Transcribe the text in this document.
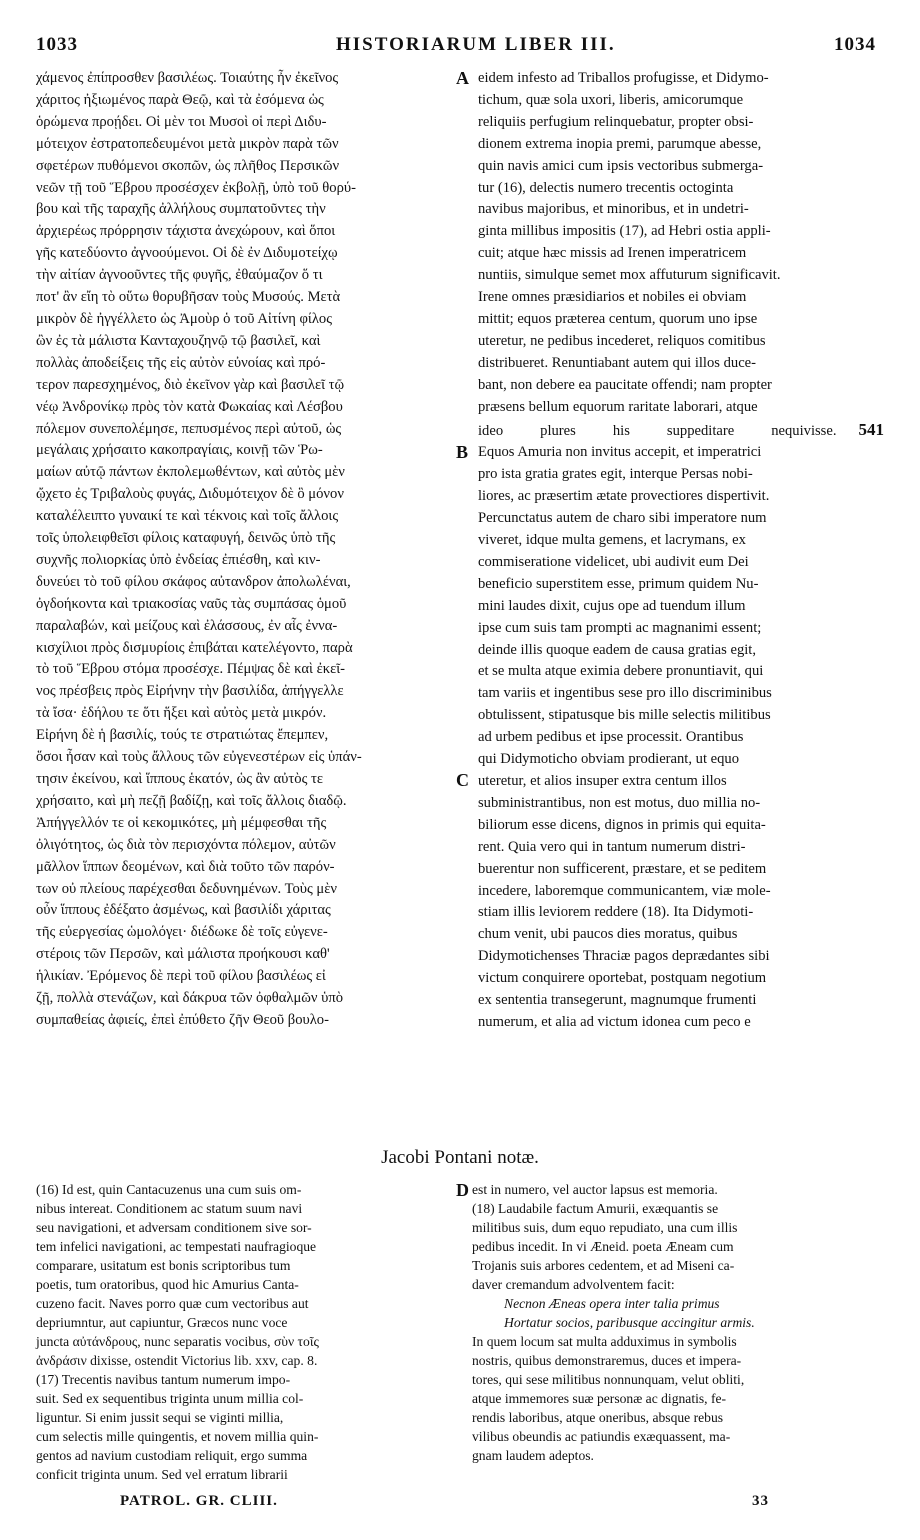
1033	HISTORIARUM LIBER III.	1034

χάμενος ἐπίπροσθεν βασιλέως. Τοιαύτης ἦν ἐκεῖνος

χάριτος ἠξιωμένος παρὰ Θεῷ, καὶ τὰ ἐσόμενα ὡς

ὁρώμενα προῄδει. Οἱ μὲν τοι Μυσοὶ οἱ περὶ Διδυ-

μότειχον ἐστρατοπεδευμένοι μετὰ μικρὸν παρὰ τῶν

σφετέρων πυθόμενοι σκοπῶν, ὡς πλῆθος Περσικῶν

νεῶν τῇ τοῦ Ἕβρου προσέσχεν ἐκβολῇ, ὑπὸ τοῦ θορύ-

βου καὶ τῆς ταραχῆς ἀλλήλους συμπατοῦντες τὴν

ἀρχιερέως πρόρρησιν τάχιστα ἀνεχώρουν, καὶ ὅποι

γῆς κατεδύοντο ἀγνοούμενοι. Οἱ δὲ ἐν Διδυμοτείχῳ

τὴν αἰτίαν ἀγνοοῦντες τῆς φυγῆς, ἐθαύμαζον ὅ τι

ποτ' ἂν εἴη τὸ οὕτω θορυβῆσαν τοὺς Μυσούς. Μετὰ

μικρὸν δὲ ἠγγέλλετο ὡς Ἀμοὺρ ὁ τοῦ Αἰτίνη φίλος

ὢν ἐς τὰ μάλιστα Κανταχουζηνῷ τῷ βασιλεῖ, καὶ

πολλὰς ἀποδείξεις τῆς εἰς αὐτὸν εὐνοίας καὶ πρό-

τερον παρεσχημένος, διὸ ἐκεῖνον γὰρ καὶ βασιλεῖ τῷ

νέῳ Ἀνδρονίκῳ πρὸς τὸν κατὰ Φωκαίας καὶ Λέσβου

πόλεμον συνεπολέμησε, πεπυσμένος περὶ αὐτοῦ, ὡς

μεγάλαις χρήσαιτο κακοπραγίαις, κοινῇ τῶν Ῥω-

μαίων αὐτῷ πάντων ἐκπολεμωθέντων, καὶ αὐτὸς μὲν

ᾤχετο ἐς Τριβαλοὺς φυγάς, Διδυμότειχον δὲ ὃ μόνον

καταλέλειπτο γυναικί τε καὶ τέκνοις καὶ τοῖς ἄλλοις

τοῖς ὑπολειφθεῖσι φίλοις καταφυγή, δεινῶς ὑπὸ τῆς

συχνῆς πολιορκίας ὑπὸ ἐνδείας ἐπιέσθη, καὶ κιν-

δυνεύει τὸ τοῦ φίλου σκάφος αὐτανδρον ἀπολωλέναι,

ὀγδοήκοντα καὶ τριακοσίας ναῦς τὰς συμπάσας ὁμοῦ

παραλαβών, καὶ μείζους καὶ ἐλάσσους, ἐν αἷς ἐννα-

κισχίλιοι πρὸς δισμυρίοις ἐπιβάται κατελέγοντο, παρὰ

τὸ τοῦ Ἕβρου στόμα προσέσχε. Πέμψας δὲ καὶ ἐκεῖ-

νος πρέσβεις πρὸς Εἰρήνην τὴν βασιλίδα, ἀπήγγελλε

τὰ ἴσα· ἐδήλου τε ὅτι ἥξει καὶ αὐτὸς μετὰ μικρόν.

Εἰρήνη δὲ ἡ βασιλίς, τούς τε στρατιώτας ἔπεμπεν,

ὅσοι ἦσαν καὶ τοὺς ἄλλους τῶν εὐγενεστέρων εἰς ὑπάν-

τησιν ἐκείνου, καὶ ἵππους ἑκατόν, ὡς ἂν αὐτὸς τε

χρήσαιτο, καὶ μὴ πεζῇ βαδίζῃ, καὶ τοῖς ἄλλοις διαδῷ.

Ἀπήγγελλόν τε οἱ κεκομικότες, μὴ μέμφεσθαι τῆς

ὀλιγότητος, ὡς διὰ τὸν περισχόντα πόλεμον, αὐτῶν

μᾶλλον ἵππων δεομένων, καὶ διὰ τοῦτο τῶν παρόν-

των οὐ πλείους παρέχεσθαι δεδυνημένων. Τοὺς μὲν

οὖν ἵππους ἐδέξατο ἀσμένως, καὶ βασιλίδι χάριτας

τῆς εὐεργεσίας ὡμολόγει· διέδωκε δὲ τοῖς εὐγενε-

στέροις τῶν Περσῶν, καὶ μάλιστα προήκουσι καθ'

ἡλικίαν. Ἐρόμενος δὲ περὶ τοῦ φίλου βασιλέως εἰ

ζῇ, πολλὰ στενάζων, καὶ δάκρυα τῶν ὀφθαλμῶν ὑπὸ

συμπαθείας ἀφιείς, ἐπεὶ ἐπύθετο ζῆν Θεοῦ βουλο-

eidem infesto ad Triballos profugisse, et Didymo-

tichum, quæ sola uxori, liberis, amicorumque

reliquiis perfugium relinquebatur, propter obsi-

dionem extrema inopia premi, parumque abesse,

quin navis amici cum ipsis vectoribus submerga-

tur (16), delectis numero trecentis octoginta

navibus majoribus, et minoribus, et in undetri-

ginta millibus impositis (17), ad Hebri ostia appli-

cuit; atque hæc missis ad Irenen imperatricem

nuntiis, simulque semet mox affuturum significavit.

Irene omnes præsidiarios et nobiles ei obviam

mittit; equos præterea centum, quorum uno ipse

uteretur, ne pedibus incederet, reliquos comitibus

distribueret. Renuntiabant autem qui illos duce-

bant, non debere ea paucitate offendi; nam propter

præsens bellum equorum raritate laborari, atque

ideo plures his suppeditare nequivisse. 541

Equos Amuria non invitus accepit, et imperatrici

pro ista gratia grates egit, interque Persas nobi-

liores, ac præsertim ætate provectiores dispertivit.

Percunctatus autem de charo sibi imperatore num

viveret, idque multa gemens, et lacrymans, ex

commiseratione videlicet, ubi audivit eum Dei

beneficio superstitem esse, primum quidem Nu-

mini laudes dixit, cujus ope ad tuendum illum

ipse cum suis tam prompti ac magnanimi essent;

deinde illis quoque eadem de causa gratias egit,

et se multa atque eximia debere pronuntiavit, qui

tam variis et ingentibus sese pro illo discriminibus

obtulissent, stipatusque bis mille selectis militibus

ad urbem pedibus et ipse processit. Orantibus

qui Didymoticho obviam prodierant, ut equo

uteretur, et alios insuper extra centum illos

subministrantibus, non est motus, duo millia no-

biliorum esse dicens, dignos in primis qui equita-

rent. Quia vero qui in tantum numerum distri-

buerentur non sufficerent, præstare, et se peditem

incedere, laboremque communicantem, viæ mole-

stiam illis leviorem reddere (18). Ita Didymoti-

chum venit, ubi paucos dies moratus, quibus

Didymotichenses Thraciæ pagos deprædantes sibi

victum conquirere oportebat, postquam negotium

ex sententia transegerunt, magnumque frumenti

numerum, et alia ad victum idonea cum peco e

A
B
C
D
Jacobi Pontani notæ.

(16) Id est, quin Cantacuzenus una cum suis om-

nibus intereat. Conditionem ac statum suum navi

seu navigationi, et adversam conditionem sive sor-

tem infelici navigationi, ac tempestati naufragioque

comparare, usitatum est bonis scriptoribus tum

poetis, tum oratoribus, quod hic Amurius Canta-

cuzeno facit. Naves porro quæ cum vectoribus aut

depriumntur, aut capiuntur, Græcos nunc voce

juncta αὐτάνδρους, nunc separatis vocibus, σὺν τοῖς

ἀνδράσιν dixisse, ostendit Victorius lib. xxv, cap. 8.

(17) Trecentis navibus tantum numerum impo-

suit. Sed ex sequentibus triginta unum millia col-

liguntur. Si enim jussit sequi se viginti millia,

cum selectis mille quingentis, et novem millia quin-

gentos ad navium custodiam reliquit, ergo summa

conficit triginta unum. Sed vel erratum librarii

est in numero, vel auctor lapsus est memoria.

(18) Laudabile factum Amurii, exæquantis se

militibus suis, dum equo repudiato, una cum illis

pedibus incedit. In vi Æneid. poeta Æneam cum

Trojanis suis arbores cedentem, et ad Miseni ca-

daver cremandum advolventem facit:

Necnon Æneas opera inter talia primus

Hortatur socios, paribusque accingitur armis.

In quem locum sat multa adduximus in symbolis

nostris, quibus demonstraremus, duces et impera-

tores, qui sese militibus nonnunquam, velut obliti,

atque immemores suæ personæ ac dignatis, fe-

rendis laboribus, atque oneribus, absque rebus

vilibus obeundis ac patiundis exæquassent, ma-

gnam laudem adeptos.

PATROL. GR. CLIII.	33
